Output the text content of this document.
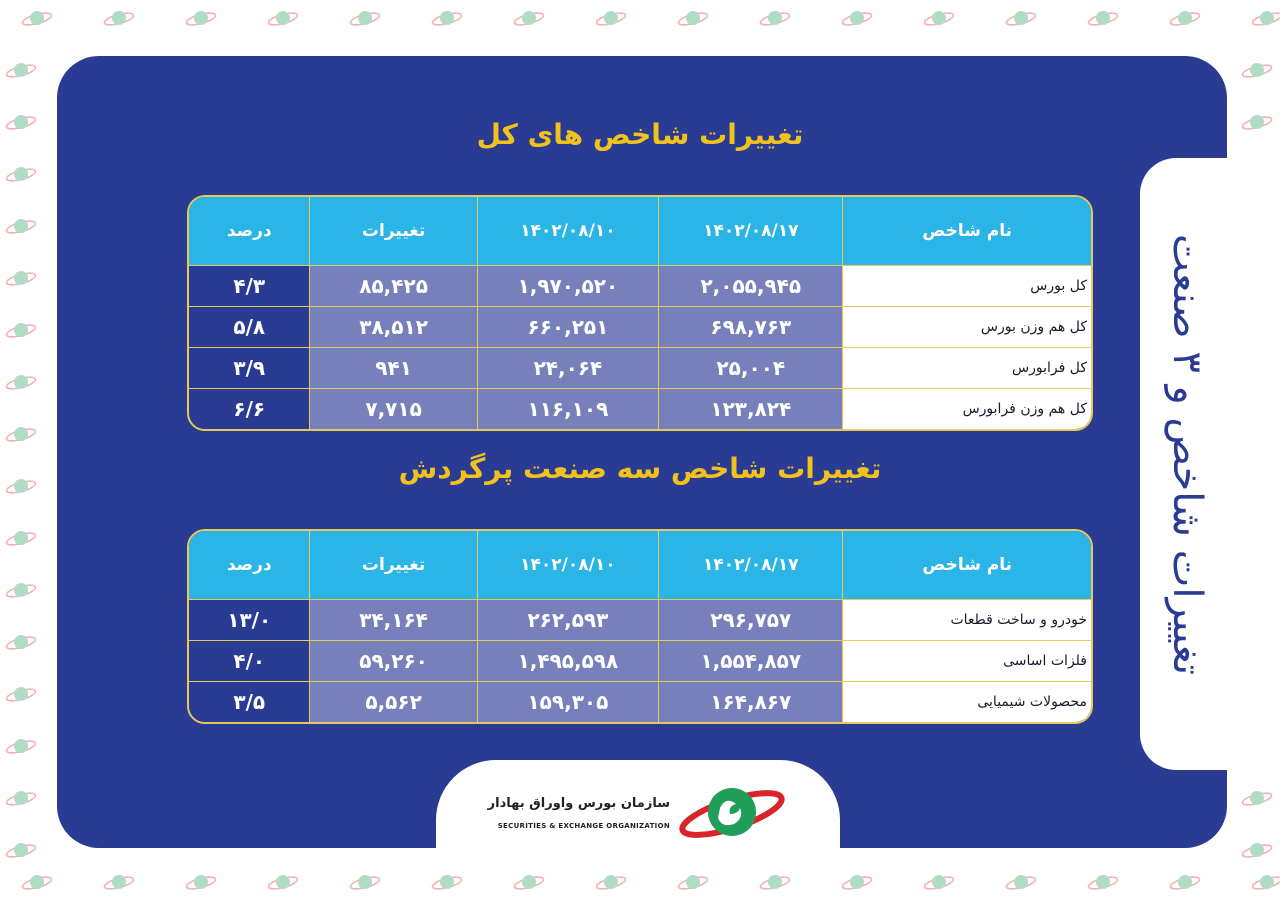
تغییرات شاخص و ۳ صنعت
تغییرات شاخص های کل
نام شاخص	۱۴۰۲/۰۸/۱۷	۱۴۰۲/۰۸/۱۰	تغییرات	درصد
کل بورس	۲,۰۵۵,۹۴۵	۱,۹۷۰,۵۲۰	۸۵,۴۲۵	۴/۳
کل هم وزن بورس	۶۹۸,۷۶۳	۶۶۰,۲۵۱	۳۸,۵۱۲	۵/۸
کل فرابورس	۲۵,۰۰۴	۲۴,۰۶۴	۹۴۱	۳/۹
کل هم وزن فرابورس	۱۲۳,۸۲۴	۱۱۶,۱۰۹	۷,۷۱۵	۶/۶
تغییرات شاخص سه صنعت پرگردش
نام شاخص	۱۴۰۲/۰۸/۱۷	۱۴۰۲/۰۸/۱۰	تغییرات	درصد
خودرو و ساخت قطعات	۲۹۶,۷۵۷	۲۶۲,۵۹۳	۳۴,۱۶۴	۱۳/۰
فلزات اساسی	۱,۵۵۴,۸۵۷	۱,۴۹۵,۵۹۸	۵۹,۲۶۰	۴/۰
محصولات شیمیایی	۱۶۴,۸۶۷	۱۵۹,۳۰۵	۵,۵۶۲	۳/۵
سازمان بورس واوراق بهادار
SECURITIES & EXCHANGE ORGANIZATION
